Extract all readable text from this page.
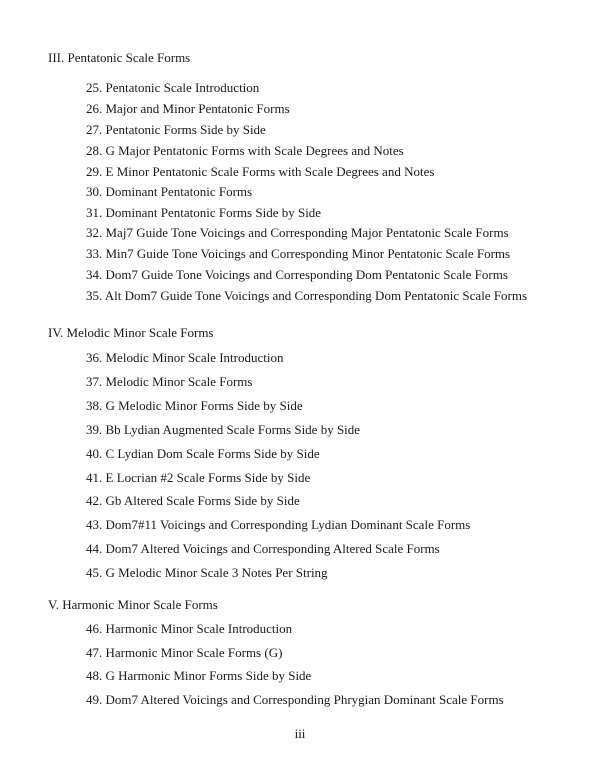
III. Pentatonic Scale Forms
25. Pentatonic Scale Introduction
26. Major and Minor Pentatonic Forms
27. Pentatonic Forms Side by Side
28. G Major Pentatonic Forms with Scale Degrees and Notes
29. E Minor Pentatonic Scale Forms with Scale Degrees and Notes
30. Dominant Pentatonic Forms
31. Dominant Pentatonic Forms Side by Side
32. Maj7 Guide Tone Voicings and Corresponding Major Pentatonic Scale Forms
33. Min7 Guide Tone Voicings and Corresponding Minor Pentatonic Scale Forms
34. Dom7 Guide Tone Voicings and Corresponding Dom Pentatonic Scale Forms
35. Alt Dom7 Guide Tone Voicings and Corresponding Dom Pentatonic Scale Forms
IV. Melodic Minor Scale Forms
36. Melodic Minor Scale Introduction
37. Melodic Minor Scale Forms
38. G Melodic Minor Forms Side by Side
39. Bb Lydian Augmented Scale Forms Side by Side
40. C Lydian Dom Scale Forms Side by Side
41. E Locrian #2 Scale Forms Side by Side
42. Gb Altered Scale Forms Side by Side
43. Dom7#11 Voicings and Corresponding Lydian Dominant Scale Forms
44. Dom7 Altered Voicings and Corresponding Altered Scale Forms
45. G Melodic Minor Scale 3 Notes Per String
V. Harmonic Minor Scale Forms
46. Harmonic Minor Scale Introduction
47. Harmonic Minor Scale Forms (G)
48. G Harmonic Minor Forms Side by Side
49. Dom7 Altered Voicings and Corresponding Phrygian Dominant Scale Forms
iii
